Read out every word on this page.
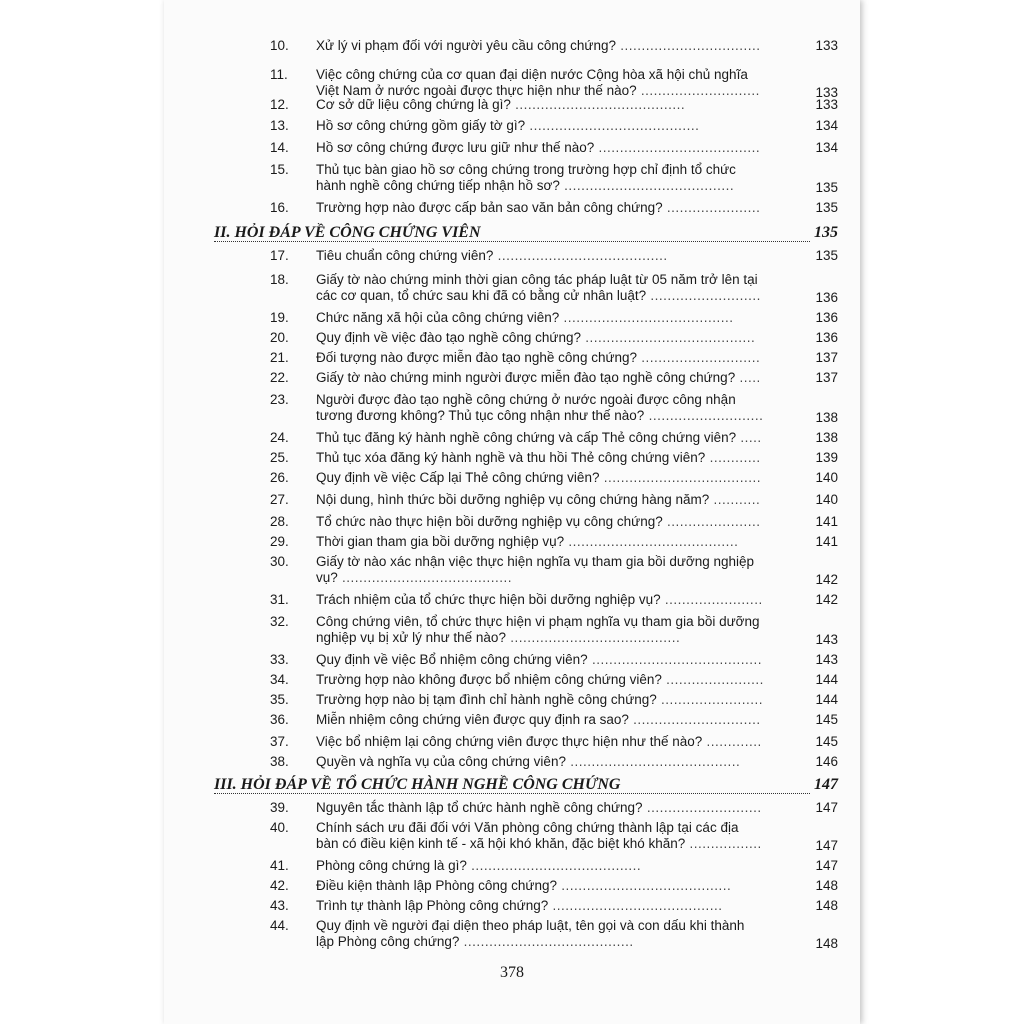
10.	Xử lý vi phạm đối với người yêu cầu công chứng? .................................	133
11.	Việc công chứng của cơ quan đại diện nước Cộng hòa xã hội chủ nghĩa Việt Nam ở nước ngoài được thực hiện như thế nào? ............................	133
12.	Cơ sở dữ liệu công chứng là gì? ........................................	133
13.	Hồ sơ công chứng gồm giấy tờ gì? ........................................	134
14.	Hồ sơ công chứng được lưu giữ như thế nào? ......................................	134
15.	Thủ tục bàn giao hồ sơ công chứng trong trường hợp chỉ định tổ chức hành nghề công chứng tiếp nhận hồ sơ? ........................................	135
16.	Trường hợp nào được cấp bản sao văn bản công chứng? ......................	135
II. HỎI ĐÁP VỀ CÔNG CHỨNG VIÊN	135
17.	Tiêu chuẩn công chứng viên? ........................................	135
18.	Giấy tờ nào chứng minh thời gian công tác pháp luật từ 05 năm trở lên tại các cơ quan, tổ chức sau khi đã có bằng cử nhân luật? ..........................	136
19.	Chức năng xã hội của công chứng viên? ........................................	136
20.	Quy định về việc đào tạo nghề công chứng? ........................................	136
21.	Đối tượng nào được miễn đào tạo nghề công chứng? ............................	137
22.	Giấy tờ nào chứng minh người được miễn đào tạo nghề công chứng? .....	137
23.	Người được đào tạo nghề công chứng ở nước ngoài được công nhận tương đương không? Thủ tục công nhận như thế nào? ...........................	138
24.	Thủ tục đăng ký hành nghề công chứng và cấp Thẻ công chứng viên? .....	138
25.	Thủ tục xóa đăng ký hành nghề và thu hồi Thẻ công chứng viên? ............	139
26.	Quy định về việc Cấp lại Thẻ công chứng viên? .....................................	140
27.	Nội dung, hình thức bồi dưỡng nghiệp vụ công chứng hàng năm? ...........	140
28.	Tổ chức nào thực hiện bồi dưỡng nghiệp vụ công chứng? ......................	141
29.	Thời gian tham gia bồi dưỡng nghiệp vụ? ........................................	141
30.	Giấy tờ nào xác nhận việc thực hiện nghĩa vụ tham gia bồi dưỡng nghiệp vụ? ........................................	142
31.	Trách nhiệm của tổ chức thực hiện bồi dưỡng nghiệp vụ? .......................	142
32.	Công chứng viên, tổ chức thực hiện vi phạm nghĩa vụ tham gia bồi dưỡng nghiệp vụ bị xử lý như thế nào? ........................................	143
33.	Quy định về việc Bổ nhiệm công chứng viên? ........................................	143
34.	Trường hợp nào không được bổ nhiệm công chứng viên? .......................	144
35.	Trường hợp nào bị tạm đình chỉ hành nghề công chứng? ........................	144
36.	Miễn nhiệm công chứng viên được quy định ra sao? ..............................	145
37.	Việc bổ nhiệm lại công chứng viên được thực hiện như thế nào? .............	145
38.	Quyền và nghĩa vụ của công chứng viên? ........................................	146
III. HỎI ĐÁP VỀ TỔ CHỨC HÀNH NGHỀ CÔNG CHỨNG	147
39.	Nguyên tắc thành lập tổ chức hành nghề công chứng? ...........................	147
40.	Chính sách ưu đãi đối với Văn phòng công chứng thành lập tại các địa bàn có điều kiện kinh tế - xã hội khó khăn, đặc biệt khó khăn? .................	147
41.	Phòng công chứng là gì? ........................................	147
42.	Điều kiện thành lập Phòng công chứng? ........................................	148
43.	Trình tự thành lập Phòng công chứng? ........................................	148
44.	Quy định về người đại diện theo pháp luật, tên gọi và con dấu khi thành lập Phòng công chứng? ........................................	148
378
